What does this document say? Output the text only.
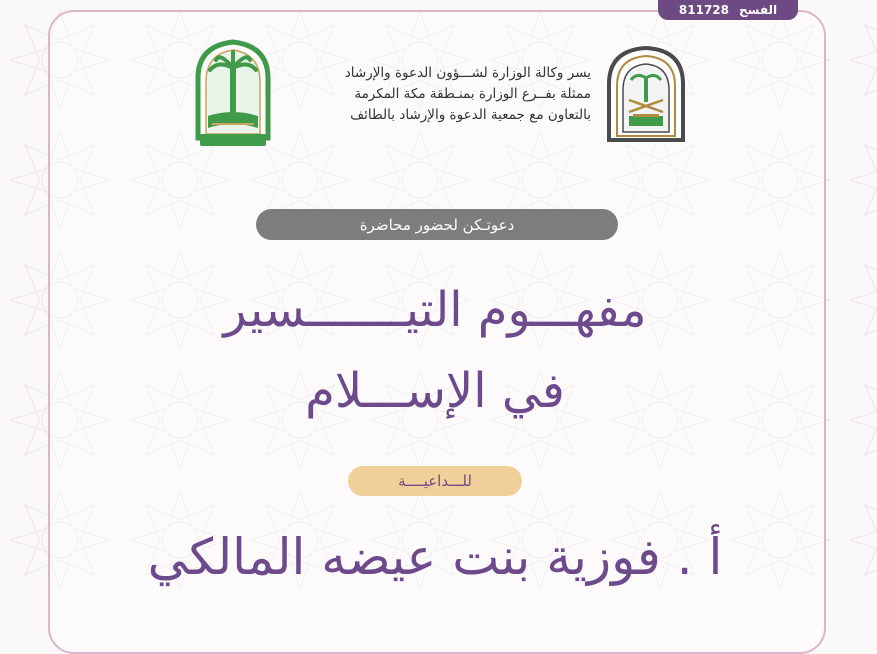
الفسح
811728
يسر وكالة الوزارة لشـــؤون الدعوة والإرشاد
ممثلة بفــرع الوزارة بمنـطقة مكة المكرمة
بالتعاون مع جمعية الدعوة والإرشاد بالطائف
دعوتـكن لحضور محاضرة
مفهـــوم التيـــــــسير
في الإســـلام
للـــداعيــــة
أ . فوزية بنت عيضه المالكي
